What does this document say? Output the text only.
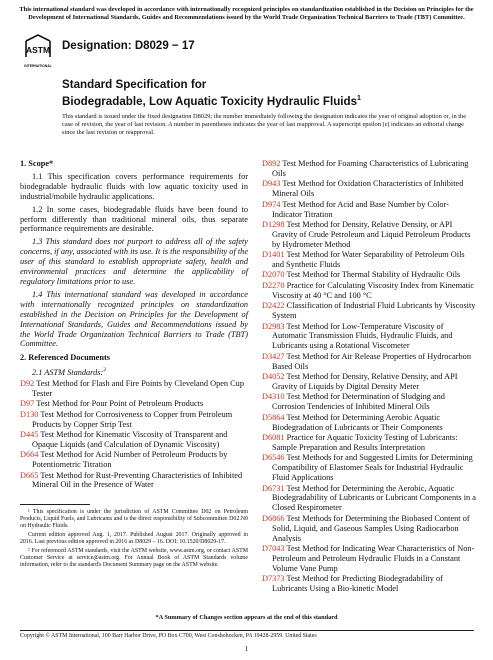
This international standard was developed in accordance with internationally recognized principles on standardization established in the Decision on Principles for the Development of International Standards, Guides and Recommendations issued by the World Trade Organization Technical Barriers to Trade (TBT) Committee.
ASTM
INTERNATIONAL
Designation: D8029 − 17
Standard Specification for
Biodegradable, Low Aquatic Toxicity Hydraulic Fluids$^1$
This standard is issued under the fixed designation D8029; the number immediately following the designation indicates the year of original adoption or, in the case of revision, the year of last revision. A number in parentheses indicates the year of last reapproval. A superscript epsilon (ε) indicates an editorial change since the last revision or reapproval.
1. Scope*

1.1 This specification covers performance requirements for biodegradable hydraulic fluids with low aquatic toxicity used in industrial/mobile hydraulic applications.

1.2 In some cases, biodegradable fluids have been found to perform differently than traditional mineral oils, thus separate performance requirements are desirable.

1.3 This standard does not purport to address all of the safety concerns, if any, associated with its use. It is the responsibility of the user of this standard to establish appropriate safety, health and environmental practices and determine the applicability of regulatory limitations prior to use.

1.4 This international standard was developed in accordance with internationally recognized principles on standardization established in the Decision on Principles for the Development of International Standards, Guides and Recommendations issued by the World Trade Organization Technical Barriers to Trade (TBT) Committee.

2. Referenced Documents
2.1 ASTM Standards:$^2$
D92 Test Method for Flash and Fire Points by Cleveland Open Cup Tester
D97 Test Method for Pour Point of Petroleum Products
D130 Test Method for Corrosiveness to Copper from Petroleum Products by Copper Strip Test
D445 Test Method for Kinematic Viscosity of Transparent and Opaque Liquids (and Calculation of Dynamic Viscosity)
D664 Test Method for Acid Number of Petroleum Products by Potentiometric Titration
D665 Test Method for Rust-Preventing Characteristics of Inhibited Mineral Oil in the Presence of Water
D892 Test Method for Foaming Characteristics of Lubricating Oils
D943 Test Method for Oxidation Characteristics of Inhibited Mineral Oils
D974 Test Method for Acid and Base Number by Color-Indicator Titration
D1298 Test Method for Density, Relative Density, or API Gravity of Crude Petroleum and Liquid Petroleum Products by Hydrometer Method
D1401 Test Method for Water Separability of Petroleum Oils and Synthetic Fluids
D2070 Test Method for Thermal Stability of Hydraulic Oils
D2270 Practice for Calculating Viscosity Index from Kinematic Viscosity at 40 °C and 100 °C
D2422 Classification of Industrial Fluid Lubricants by Viscosity System
D2983 Test Method for Low-Temperature Viscosity of Automatic Transmission Fluids, Hydraulic Fluids, and Lubricants using a Rotational Viscometer
D3427 Test Method for Air Release Properties of Hydrocarbon Based Oils
D4052 Test Method for Density, Relative Density, and API Gravity of Liquids by Digital Density Meter
D4310 Test Method for Determination of Sludging and Corrosion Tendencies of Inhibited Mineral Oils
D5864 Test Method for Determining Aerobic Aquatic Biodegradation of Lubricants or Their Components
D6081 Practice for Aquatic Toxicity Testing of Lubricants: Sample Preparation and Results Interpretation
D6546 Test Methods for and Suggested Limits for Determining Compatibility of Elastomer Seals for Industrial Hydraulic Fluid Applications
D6731 Test Method for Determining the Aerobic, Aquatic Biodegradability of Lubricants or Lubricant Components in a Closed Respirometer
D6866 Test Methods for Determining the Biobased Content of Solid, Liquid, and Gaseous Samples Using Radiocarbon Analysis
D7043 Test Method for Indicating Wear Characteristics of Non-Petroleum and Petroleum Hydraulic Fluids in a Constant Volume Vane Pump
D7373 Test Method for Predicting Biodegradability of Lubricants Using a Bio-kinetic Model

¹ This specification is under the jurisdiction of ASTM Committee D02 on Petroleum Products, Liquid Fuels, and Lubricants and is the direct responsibility of Subcommittee D02.N0 on Hydraulic Fluids.

Current edition approved Aug. 1, 2017. Published August 2017. Originally approved in 2016. Last previous edition approved in 2016 as D8029 – 16. DOI: 10.1520/D8029-17.

² For referenced ASTM standards, visit the ASTM website, www.astm.org, or contact ASTM Customer Service at service@astm.org. For Annual Book of ASTM Standards volume information, refer to the standard's Document Summary page on the ASTM website.

*A Summary of Changes section appears at the end of this standard
Copyright © ASTM International, 100 Barr Harbor Drive, PO Box C700, West Conshohocken, PA 19428-2959. United States
1
